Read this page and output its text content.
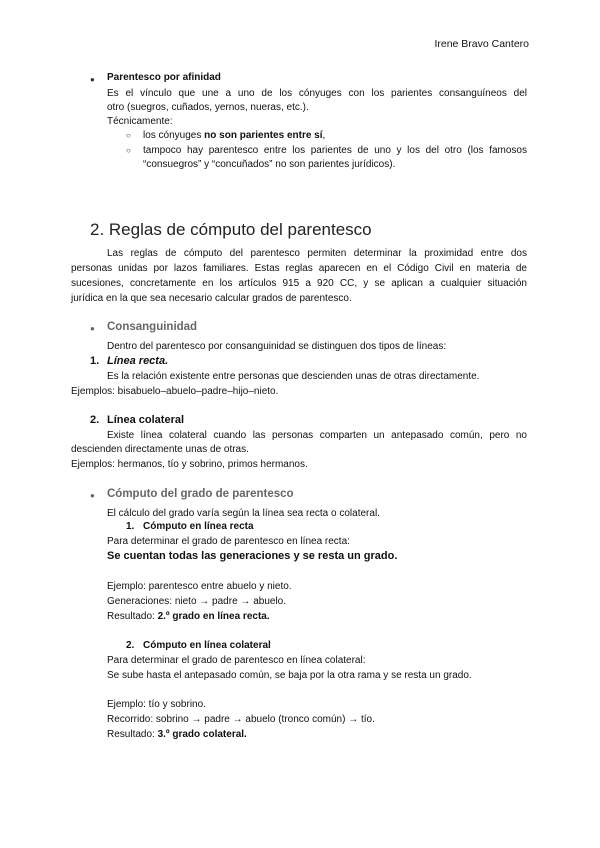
Irene Bravo Cantero
● Parentesco por afinidad
Es el vínculo que une a uno de los cónyuges con los parientes consanguíneos del
otro (suegros, cuñados, yernos, nueras, etc.).
Técnicamente:
○ los cónyuges no son parientes entre sí,
○ tampoco hay parentesco entre los parientes de uno y los del otro (los famosos
“consuegros” y “concuñados” no son parientes jurídicos).
2. Reglas de cómputo del parentesco
Las reglas de cómputo del parentesco permiten determinar la proximidad entre dos
personas unidas por lazos familiares. Estas reglas aparecen en el Código Civil en materia de
sucesiones, concretamente en los artículos 915 a 920 CC, y se aplican a cualquier situación
jurídica en la que sea necesario calcular grados de parentesco.
● Consanguinidad
Dentro del parentesco por consanguinidad se distinguen dos tipos de líneas:
1. Línea recta.
Es la relación existente entre personas que descienden unas de otras directamente.
Ejemplos: bisabuelo–abuelo–padre–hijo–nieto.
2. Línea colateral
Existe línea colateral cuando las personas comparten un antepasado común, pero no
descienden directamente unas de otras.
Ejemplos: hermanos, tío y sobrino, primos hermanos.
● Cómputo del grado de parentesco
El cálculo del grado varía según la línea sea recta o colateral.
1. Cómputo en línea recta
Para determinar el grado de parentesco en línea recta:
Se cuentan todas las generaciones y se resta un grado.
Ejemplo: parentesco entre abuelo y nieto.
Generaciones: nieto → padre → abuelo.
Resultado: 2.º grado en línea recta.
2. Cómputo en línea colateral
Para determinar el grado de parentesco en línea colateral:
Se sube hasta el antepasado común, se baja por la otra rama y se resta un grado.
Ejemplo: tío y sobrino.
Recorrido: sobrino → padre → abuelo (tronco común) → tío.
Resultado: 3.º grado colateral.
